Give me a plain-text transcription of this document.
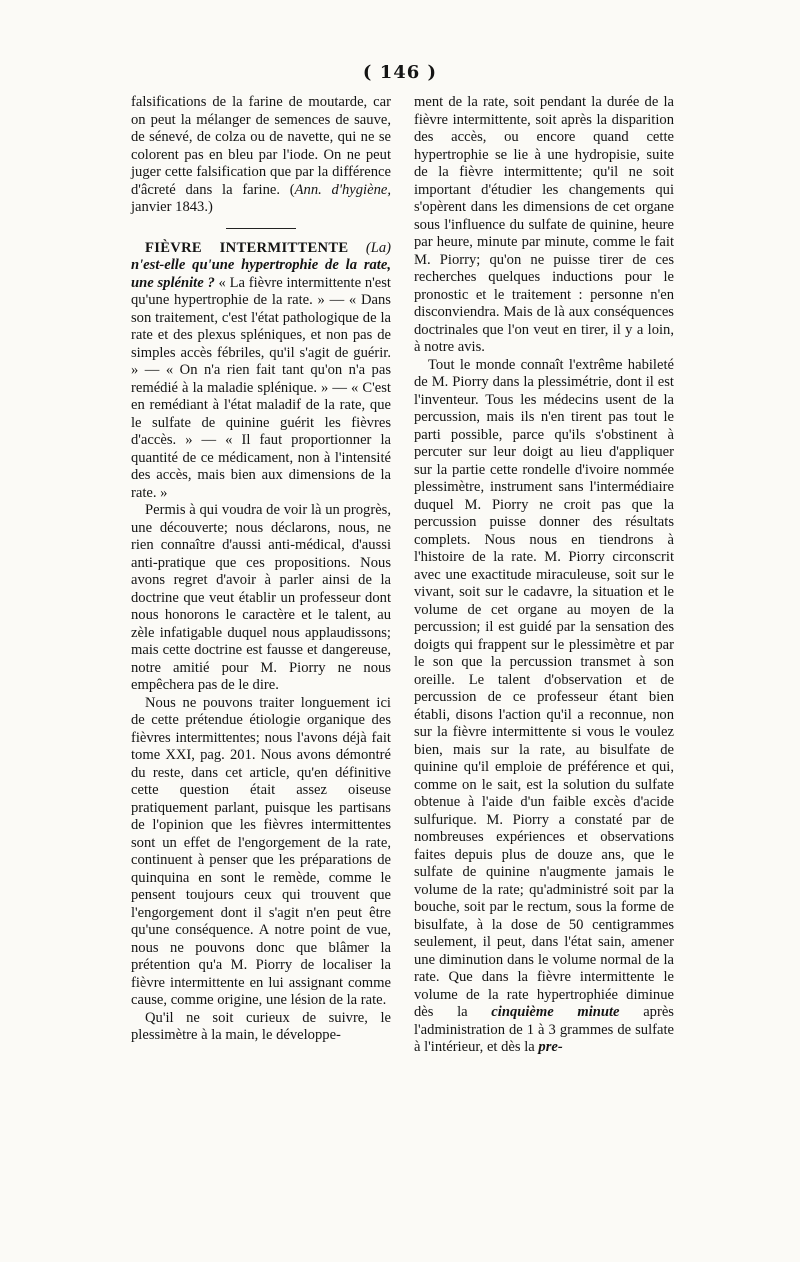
( 146 )

falsifications de la farine de moutarde, car on peut la mélanger de semences de sauve, de sénevé, de colza ou de navette, qui ne se colorent pas en bleu par l'iode. On ne peut juger cette falsification que par la différence d'âcreté dans la farine. (Ann. d'hygiène, janvier 1843.)

FIÈVRE INTERMITTENTE (La) n'est-elle qu'une hypertrophie de la rate, une splénite ? « La fièvre intermittente n'est qu'une hypertrophie de la rate. » — « Dans son traitement, c'est l'état pathologique de la rate et des plexus spléniques, et non pas de simples accès fébriles, qu'il s'agit de guérir. » — « On n'a rien fait tant qu'on n'a pas remédié à la maladie splénique. » — « C'est en remédiant à l'état maladif de la rate, que le sulfate de quinine guérit les fièvres d'accès. » — « Il faut proportionner la quantité de ce médicament, non à l'intensité des accès, mais bien aux dimensions de la rate. »

Permis à qui voudra de voir là un progrès, une découverte; nous déclarons, nous, ne rien connaître d'aussi anti-médical, d'aussi anti-pratique que ces propositions. Nous avons regret d'avoir à parler ainsi de la doctrine que veut établir un professeur dont nous honorons le caractère et le talent, au zèle infatigable duquel nous applaudissons; mais cette doctrine est fausse et dangereuse, notre amitié pour M. Piorry ne nous empêchera pas de le dire.

Nous ne pouvons traiter longuement ici de cette prétendue étiologie organique des fièvres intermittentes; nous l'avons déjà fait tome XXI, pag. 201. Nous avons démontré du reste, dans cet article, qu'en définitive cette question était assez oiseuse pratiquement parlant, puisque les partisans de l'opinion que les fièvres intermittentes sont un effet de l'engorgement de la rate, continuent à penser que les préparations de quinquina en sont le remède, comme le pensent toujours ceux qui trouvent que l'engorgement dont il s'agit n'en peut être qu'une conséquence. A notre point de vue, nous ne pouvons donc que blâmer la prétention qu'a M. Piorry de localiser la fièvre intermittente en lui assignant comme cause, comme origine, une lésion de la rate.

Qu'il ne soit curieux de suivre, le plessimètre à la main, le développe-

ment de la rate, soit pendant la durée de la fièvre intermittente, soit après la disparition des accès, ou encore quand cette hypertrophie se lie à une hydropisie, suite de la fièvre intermittente; qu'il ne soit important d'étudier les changements qui s'opèrent dans les dimensions de cet organe sous l'influence du sulfate de quinine, heure par heure, minute par minute, comme le fait M. Piorry; qu'on ne puisse tirer de ces recherches quelques inductions pour le pronostic et le traitement : personne n'en disconviendra. Mais de là aux conséquences doctrinales que l'on veut en tirer, il y a loin, à notre avis.

Tout le monde connaît l'extrême habileté de M. Piorry dans la plessimétrie, dont il est l'inventeur. Tous les médecins usent de la percussion, mais ils n'en tirent pas tout le parti possible, parce qu'ils s'obstinent à percuter sur leur doigt au lieu d'appliquer sur la partie cette rondelle d'ivoire nommée plessimètre, instrument sans l'intermédiaire duquel M. Piorry ne croit pas que la percussion puisse donner des résultats complets. Nous nous en tiendrons à l'histoire de la rate. M. Piorry circonscrit avec une exactitude miraculeuse, soit sur le vivant, soit sur le cadavre, la situation et le volume de cet organe au moyen de la percussion; il est guidé par la sensation des doigts qui frappent sur le plessimètre et par le son que la percussion transmet à son oreille. Le talent d'observation et de percussion de ce professeur étant bien établi, disons l'action qu'il a reconnue, non sur la fièvre intermittente si vous le voulez bien, mais sur la rate, au bisulfate de quinine qu'il emploie de préférence et qui, comme on le sait, est la solution du sulfate obtenue à l'aide d'un faible excès d'acide sulfurique. M. Piorry a constaté par de nombreuses expériences et observations faites depuis plus de douze ans, que le sulfate de quinine n'augmente jamais le volume de la rate; qu'administré soit par la bouche, soit par le rectum, sous la forme de bisulfate, à la dose de 50 centigrammes seulement, il peut, dans l'état sain, amener une diminution dans le volume normal de la rate. Que dans la fièvre intermittente le volume de la rate hypertrophiée diminue dès la cinquième minute après l'administration de 1 à 3 grammes de sulfate à l'intérieur, et dès la pre-
